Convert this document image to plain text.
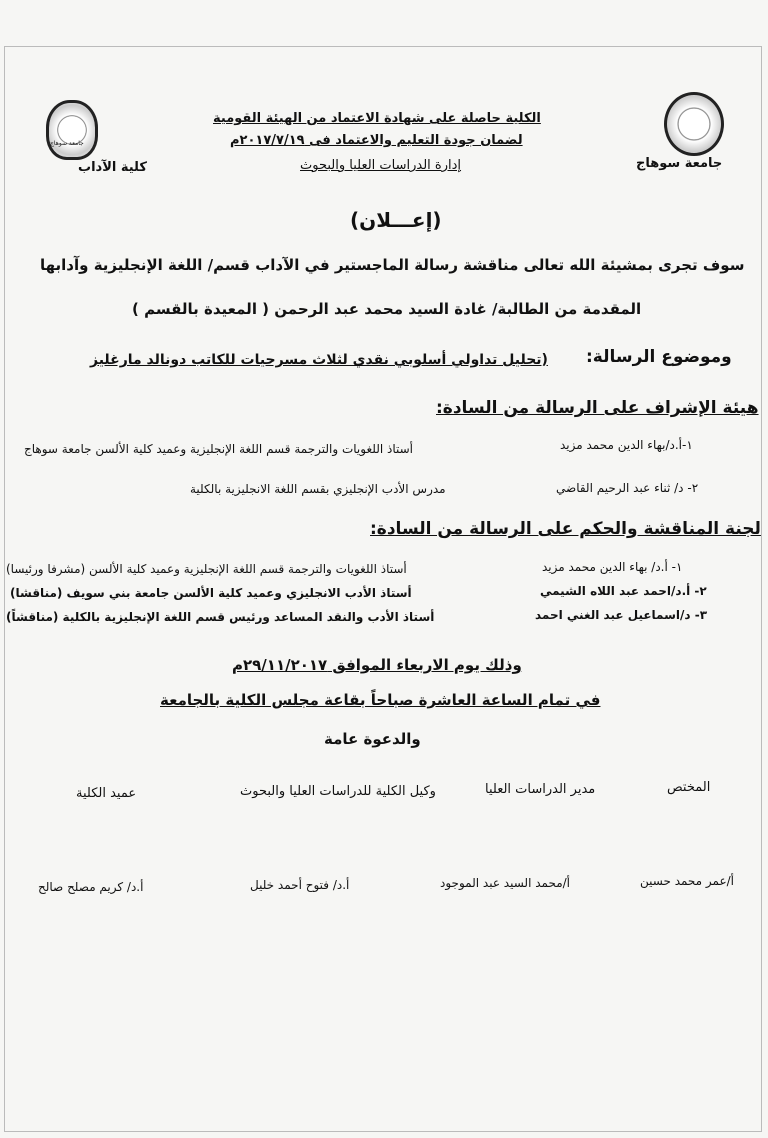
جامعة سوهاج
الكلية حاصلة على شهادة الاعتماد من الهيئة القومية
لضمان جودة التعليم والاعتماد فى ٢٠١٧/٧/١٩م
جامعة سوهاج
إدارة الدراسات العليا والبحوث
كلية الآداب
(إعـــلان)
سوف تجرى بمشيئة الله تعالى مناقشة رسالة الماجستير في الآداب قسم/ اللغة الإنجليزية وآدابها
المقدمة من الطالبة/ غادة السيد محمد عبد الرحمن ( المعيدة بالقسم )
وموضوع الرسالة:
(تحليل تداولي أسلوبي نقدي لثلاث مسرحيات للكاتب دونالد مارغليز
هيئة الإشراف على الرسالة من السادة:
١-أ.د/بهاء الدين محمد مزيد
أستاذ اللغويات والترجمة قسم اللغة الإنجليزية وعميد كلية الألسن جامعة سوهاج
٢- د/ ثناء عبد الرحيم القاضي
مدرس الأدب الإنجليزي بقسم اللغة الانجليزية بالكلية
لجنة المناقشة والحكم على الرسالة من السادة:
١- أ.د/ بهاء الدين محمد مزيد
أستاذ اللغويات والترجمة قسم اللغة الإنجليزية وعميد كلية الألسن (مشرفا ورئيسا)
٢- أ.د/احمد عبد اللاه الشيمي
أستاذ الأدب الانجليزي وعميد كلية الألسن جامعة بني سويف (مناقشا)
٣- د/اسماعيل عبد الغني احمد
أستاذ الأدب والنقد المساعد ورئيس قسم اللغة الإنجليزية بالكلية (مناقشاً)
وذلك يوم الاربعاء الموافق ٢٩/١١/٢٠١٧م
في تمام الساعة العاشرة صباحاً بقاعة مجلس الكلية بالجامعة
والدعوة عامة
المختص
مدير الدراسات العليا
وكيل الكلية للدراسات العليا والبحوث
عميد الكلية
أ/عمر محمد حسين
أ/محمد السيد عبد الموجود
أ.د/ فتوح أحمد خليل
أ.د/ كريم مصلح صالح
